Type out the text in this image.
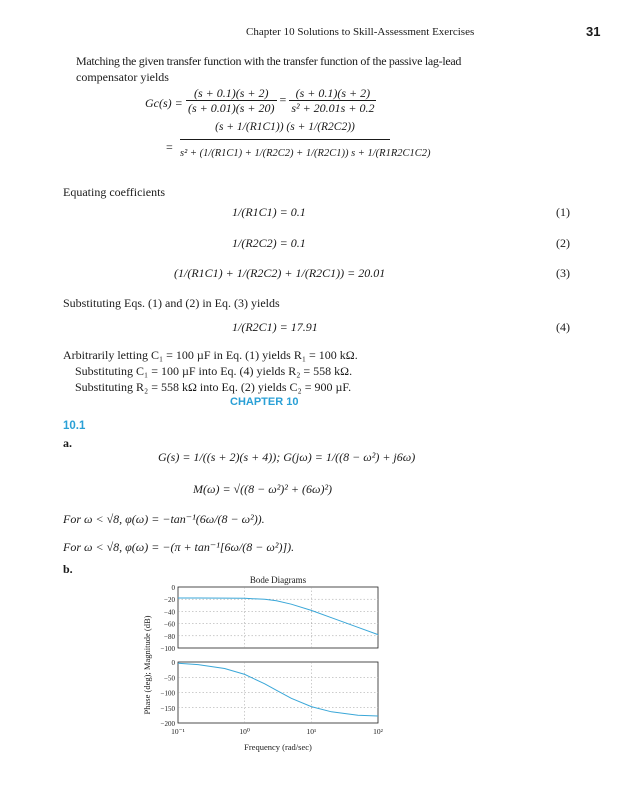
Chapter 10 Solutions to Skill-Assessment Exercises	31
Matching the given transfer function with the transfer function of the passive lag-lead
compensator yields
$Gc(s) = \frac{(s + 0.1)(s + 2)}{(s + 0.01)(s + 20)} = \frac{(s + 0.1)(s + 2)}{\text{s² + 20.01s + 0.2}}$
=
(s + 1/(R1C1)) (s + 1/(R2C2))
s² + (1/(R1C1) + 1/(R2C2) + 1/(R2C1)) s + 1/(R1R2C1C2)
Equating coefficients
1/(R1C1) = 0.1	(1)
1/(R2C2) = 0.1	(2)
(1/(R1C1) + 1/(R2C2) + 1/(R2C1)) = 20.01	(3)
Substituting Eqs. (1) and (2) in Eq. (3) yields
1/(R2C1) = 17.91	(4)
Arbitrarily letting C₁ = 100 µF in Eq. (1) yields R₁ = 100 kΩ.
Substituting C₁ = 100 µF into Eq. (4) yields R₂ = 558 kΩ.
Substituting R₂ = 558 kΩ into Eq. (2) yields C₂ = 900 µF.
CHAPTER 10
10.1
a.
G(s) = 1/((s + 2)(s + 4)); G(jω) = 1/((8 − ω²) + j6ω)
M(ω) = √((8 − ω²)² + (6ω)²)
For ω < √8, φ(ω) = −tan⁻¹(6ω/(8 − ω²)).
For ω < √8, φ(ω) = −(π + tan⁻¹[6ω/(8 − ω²)]).
b.
Bode Diagrams
0
−20
−40
−60
−80
−100
0
−50
−100
−150
−200
Phase (deg); Magnitude (dB)
Frequency (rad/sec)
10⁻¹	10⁰	10¹	10²
